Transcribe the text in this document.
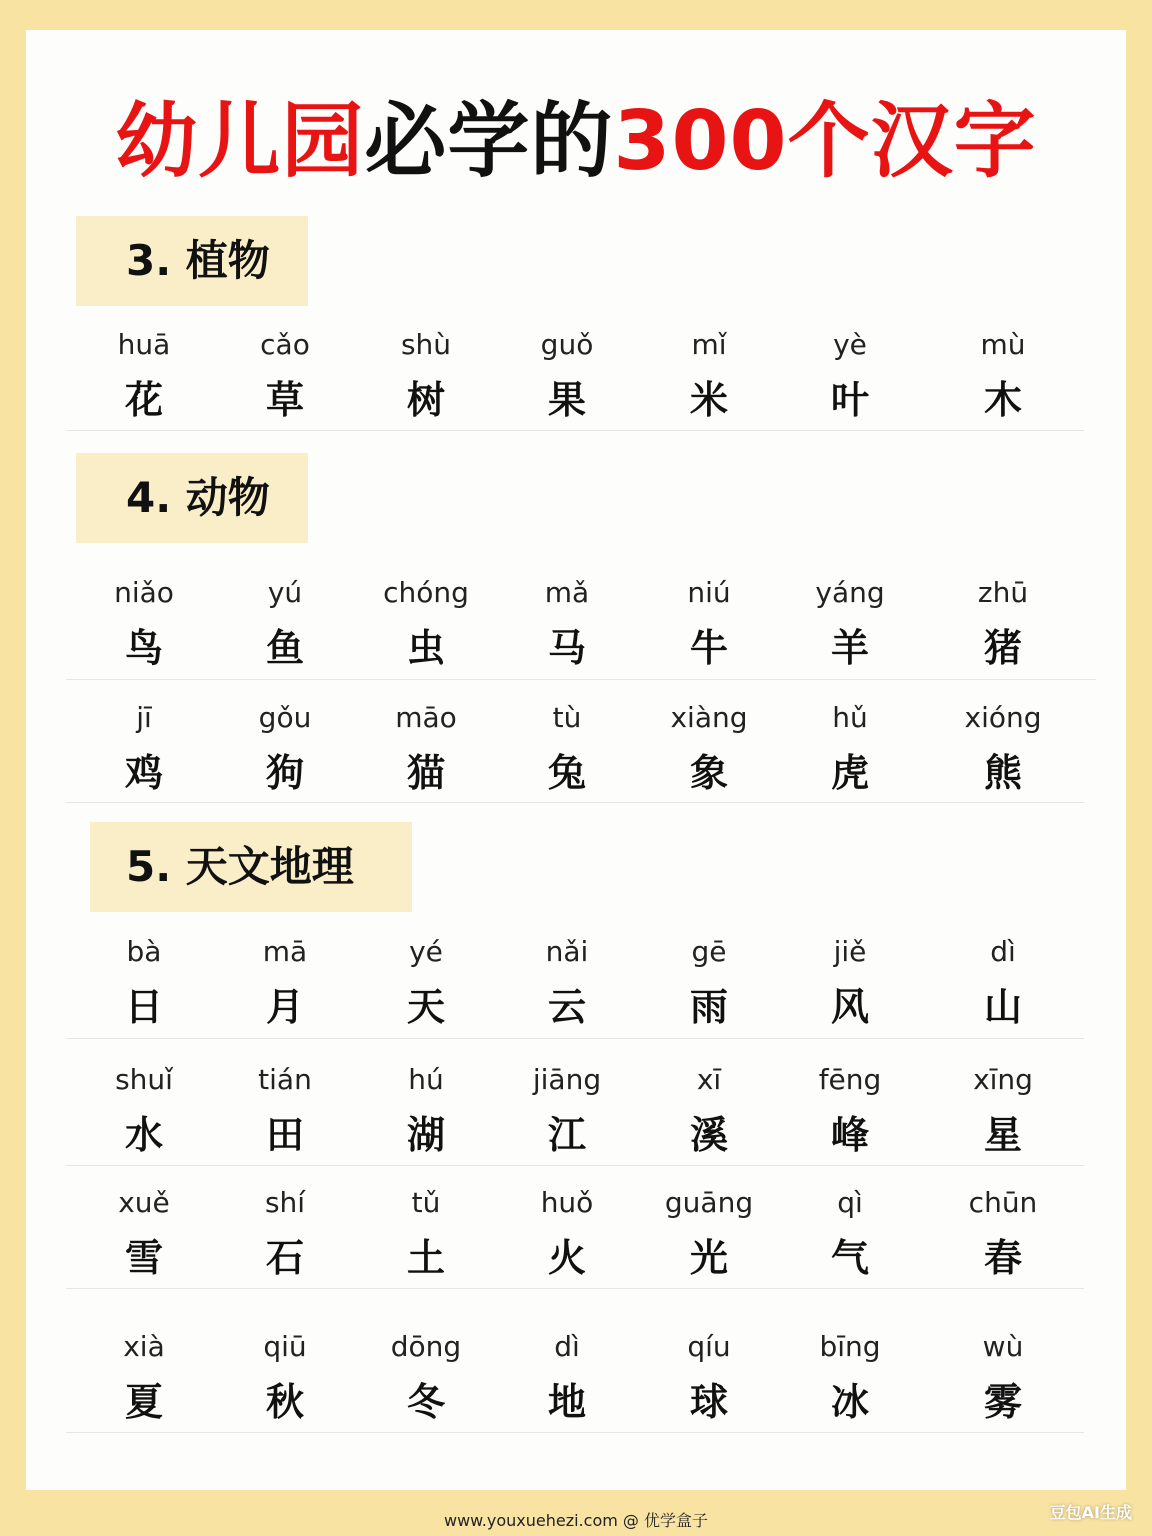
幼儿园必学的300个汉字
3. 植物
4. 动物
5. 天文地理
huā
花
cǎo
草
shù
树
guǒ
果
mǐ
米
yè
叶
mù
木
niǎo
鸟
yú
鱼
chóng
虫
mǎ
马
niú
牛
yáng
羊
zhū
猪
jī
鸡
gǒu
狗
māo
猫
tù
兔
xiàng
象
hǔ
虎
xióng
熊
bà
日
mā
月
yé
天
nǎi
云
gē
雨
jiě
风
dì
山
shuǐ
水
tián
田
hú
湖
jiāng
江
xī
溪
fēng
峰
xīng
星
xuě
雪
shí
石
tǔ
土
huǒ
火
guāng
光
qì
气
chūn
春
xià
夏
qiū
秋
dōng
冬
dì
地
qíu
球
bīng
冰
wù
雾
www.youxuehezi.com @ 优学盒子	豆包AI生成
